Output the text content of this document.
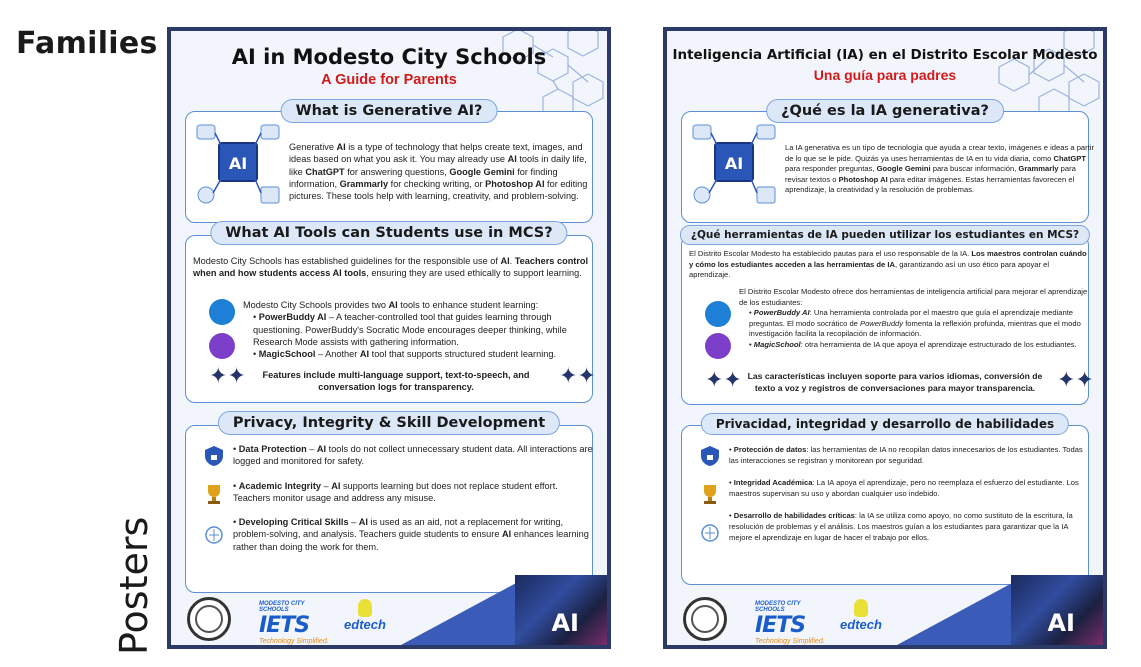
Families
Posters
AI in Modesto City Schools
A Guide for Parents
What is Generative AI?
AI
Generative AI is a type of technology that helps create text, images, and ideas based on what you ask it. You may already use AI tools in daily life, like ChatGPT for answering questions, Google Gemini for finding information, Grammarly for checking writing, or Photoshop AI for editing pictures. These tools help with learning, creativity, and problem-solving.
What AI Tools can Students use in MCS?
Modesto City Schools has established guidelines for the responsible use of AI. Teachers control when and how students access AI tools, ensuring they are used ethically to support learning.
Modesto City Schools provides two AI tools to enhance student learning:
• PowerBuddy AI – A teacher-controlled tool that guides learning through questioning. PowerBuddy's Socratic Mode encourages deeper thinking, while Research Mode assists with gathering information.
• MagicSchool – Another AI tool that supports structured student learning.
✦✦	✦✦
Features include multi-language support, text-to-speech, and conversation logs for transparency.
Privacy, Integrity & Skill Development
• Data Protection – AI tools do not collect unnecessary student data. All interactions are logged and monitored for safety.
• Academic Integrity – AI supports learning but does not replace student effort. Teachers monitor usage and address any misuse.
• Developing Critical Skills – AI is used as an aid, not a replacement for writing, problem-solving, and analysis. Teachers guide students to ensure AI enhances learning rather than doing the work for them.
MODESTO CITY SCHOOLS
IETS
Technology Simplified.
edtech	AI
Inteligencia Artificial (IA) en el Distrito Escolar Modesto
Una guía para padres
¿Qué es la IA generativa?
AI
La IA generativa es un tipo de tecnología que ayuda a crear texto, imágenes e ideas a partir de lo que se le pide. Quizás ya uses herramientas de IA en tu vida diaria, como ChatGPT para responder preguntas, Google Gemini para buscar información, Grammarly para revisar textos o Photoshop AI para editar imágenes. Estas herramientas favorecen el aprendizaje, la creatividad y la resolución de problemas.
¿Qué herramientas de IA pueden utilizar los estudiantes en MCS?
El Distrito Escolar Modesto ha establecido pautas para el uso responsable de la IA. Los maestros controlan cuándo y cómo los estudiantes acceden a las herramientas de IA, garantizando así un uso ético para apoyar el aprendizaje.
El Distrito Escolar Modesto ofrece dos herramientas de inteligencia artificial para mejorar el aprendizaje de los estudiantes:
• PowerBuddy AI: Una herramienta controlada por el maestro que guía el aprendizaje mediante preguntas. El modo socrático de PowerBuddy fomenta la reflexión profunda, mientras que el modo investigación facilita la recopilación de información.
• MagicSchool: otra herramienta de IA que apoya el aprendizaje estructurado de los estudiantes.
✦✦	✦✦
Las características incluyen soporte para varios idiomas, conversión de texto a voz y registros de conversaciones para mayor transparencia.
Privacidad, integridad y desarrollo de habilidades
• Protección de datos: las herramientas de IA no recopilan datos innecesarios de los estudiantes. Todas las interacciones se registran y monitorean por seguridad.
• Integridad Académica: La IA apoya el aprendizaje, pero no reemplaza el esfuerzo del estudiante. Los maestros supervisan su uso y abordan cualquier uso indebido.
• Desarrollo de habilidades críticas: la IA se utiliza como apoyo, no como sustituto de la escritura, la resolución de problemas y el análisis. Los maestros guían a los estudiantes para garantizar que la IA mejore el aprendizaje en lugar de hacer el trabajo por ellos.
MODESTO CITY SCHOOLS
IETS
Technology Simplified.
edtech	AI
